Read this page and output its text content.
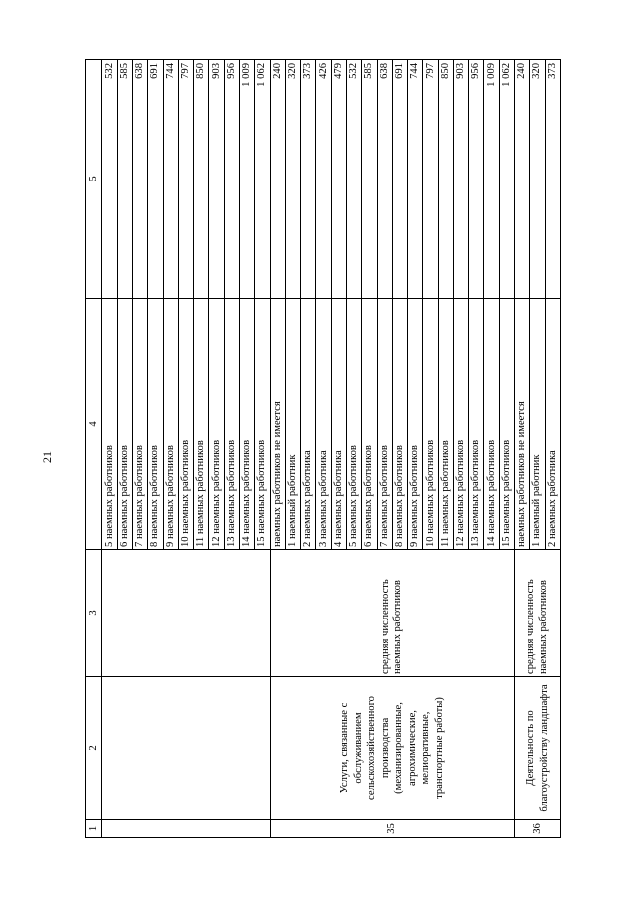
21
1	2	3	4	5
			5 наемных работников	532
			6 наемных работников	585
			7 наемных работников	638
			8 наемных работников	691
			9 наемных работников	744
			10 наемных работников	797
			11 наемных работников	850
			12 наемных работников	903
			13 наемных работников	956
			14 наемных работников	1 009
			15 наемных работников	1 062
35	Услуги, связанные с обслуживанием сельскохозяйственного производства (механизированные, агрохимические, мелиоративные, транспортные работы)	средняя численность наемных работников	наемных работников не имеется	240
			1 наемный работник	320
			2 наемных работника	373
			3 наемных работника	426
			4 наемных работника	479
			5 наемных работников	532
			6 наемных работников	585
			7 наемных работников	638
			8 наемных работников	691
			9 наемных работников	744
			10 наемных работников	797
			11 наемных работников	850
			12 наемных работников	903
			13 наемных работников	956
			14 наемных работников	1 009
			15 наемных работников	1 062
36	Деятельность по благоустройству ландшафта	средняя численность наемных работников	наемных работников не имеется	240
			1 наемный работник	320
			2 наемных работника	373
